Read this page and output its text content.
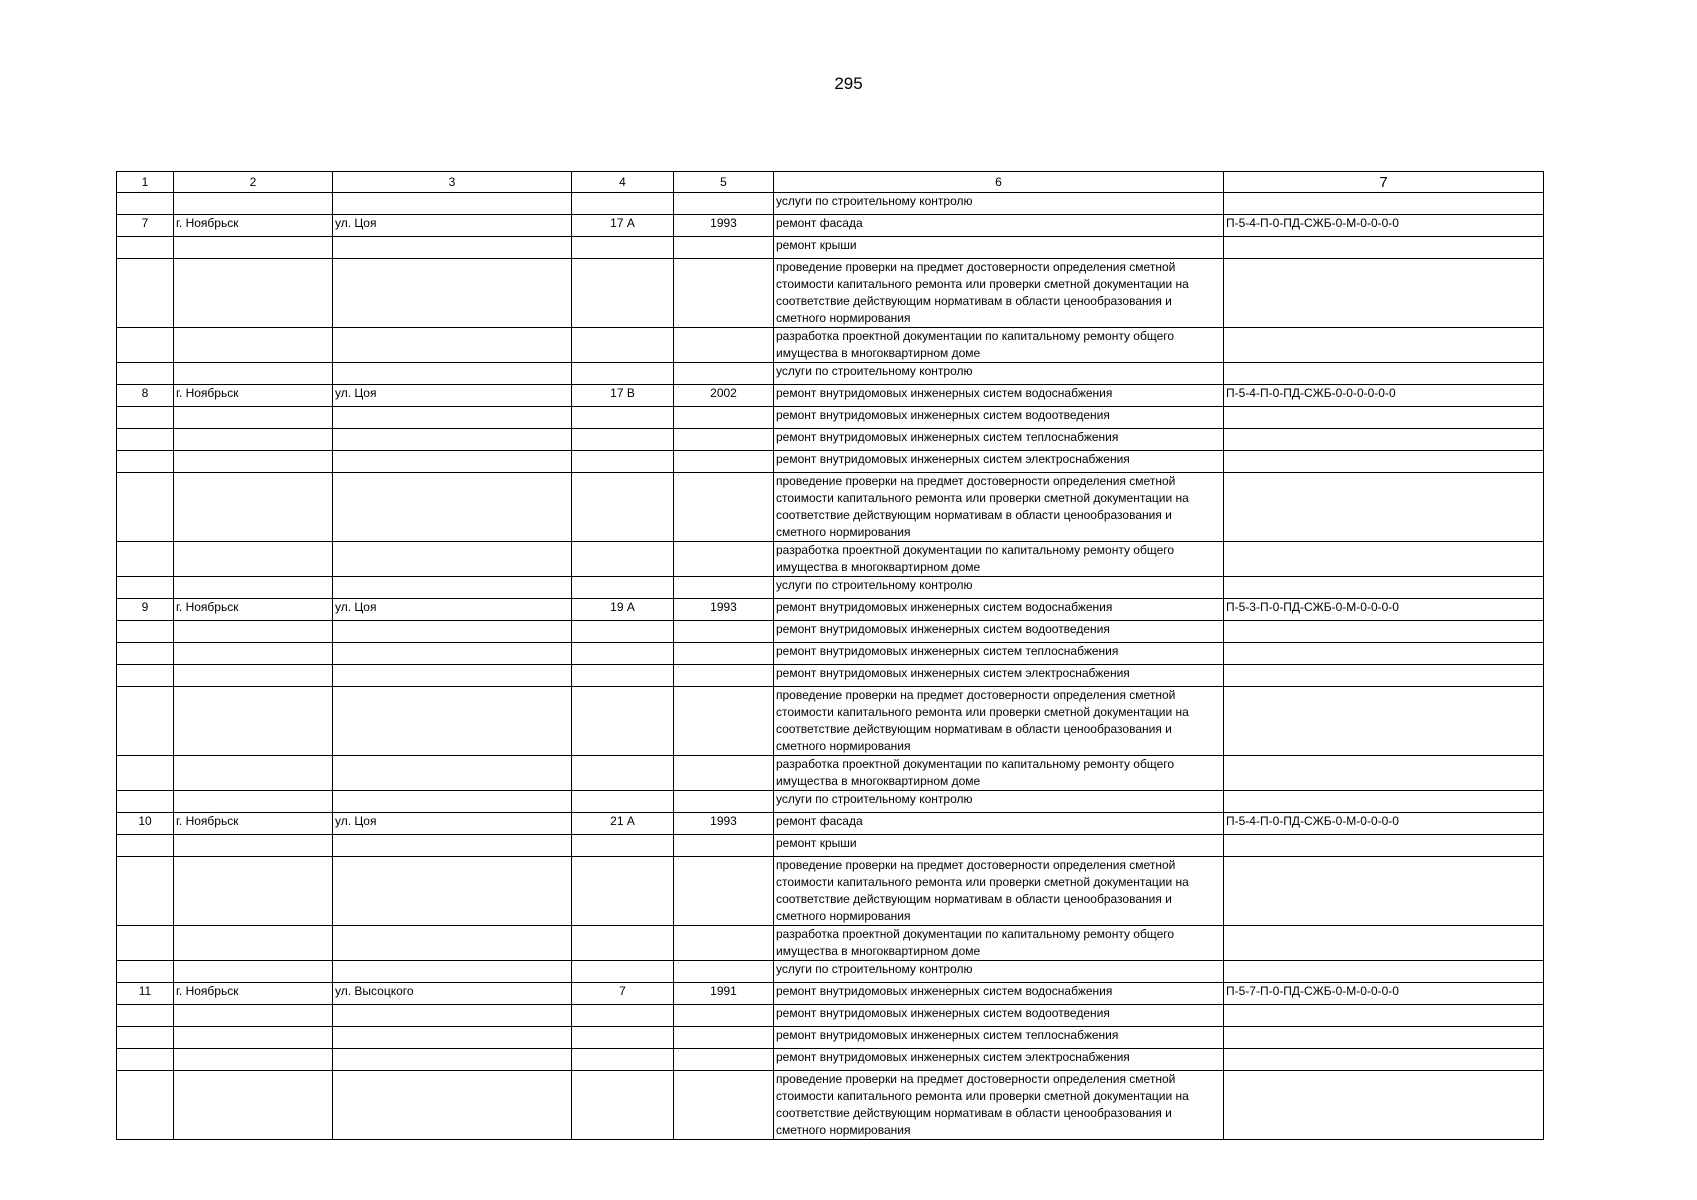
295
1	2	3	4	5	6	7
					услуги по строительному контролю	
7	г. Ноябрьск	ул. Цоя	17 А	1993	ремонт фасада	П-5-4-П-0-ПД-СЖБ-0-М-0-0-0-0
					ремонт крыши	
					проведение проверки на предмет достоверности определения сметной стоимости капитального ремонта или проверки сметной документации на соответствие действующим нормативам в области ценообразования и сметного нормирования	
					разработка проектной документации по капитальному ремонту общего имущества в многоквартирном доме	
					услуги по строительному контролю	
8	г. Ноябрьск	ул. Цоя	17 В	2002	ремонт внутридомовых инженерных систем водоснабжения	П-5-4-П-0-ПД-СЖБ-0-0-0-0-0-0
					ремонт внутридомовых инженерных систем водоотведения	
					ремонт внутридомовых инженерных систем теплоснабжения	
					ремонт внутридомовых инженерных систем электроснабжения	
					проведение проверки на предмет достоверности определения сметной стоимости капитального ремонта или проверки сметной документации на соответствие действующим нормативам в области ценообразования и сметного нормирования	
					разработка проектной документации по капитальному ремонту общего имущества в многоквартирном доме	
					услуги по строительному контролю	
9	г. Ноябрьск	ул. Цоя	19 А	1993	ремонт внутридомовых инженерных систем водоснабжения	П-5-3-П-0-ПД-СЖБ-0-М-0-0-0-0
					ремонт внутридомовых инженерных систем водоотведения	
					ремонт внутридомовых инженерных систем теплоснабжения	
					ремонт внутридомовых инженерных систем электроснабжения	
					проведение проверки на предмет достоверности определения сметной стоимости капитального ремонта или проверки сметной документации на соответствие действующим нормативам в области ценообразования и сметного нормирования	
					разработка проектной документации по капитальному ремонту общего имущества в многоквартирном доме	
					услуги по строительному контролю	
10	г. Ноябрьск	ул. Цоя	21 А	1993	ремонт фасада	П-5-4-П-0-ПД-СЖБ-0-М-0-0-0-0
					ремонт крыши	
					проведение проверки на предмет достоверности определения сметной стоимости капитального ремонта или проверки сметной документации на соответствие действующим нормативам в области ценообразования и сметного нормирования	
					разработка проектной документации по капитальному ремонту общего имущества в многоквартирном доме	
					услуги по строительному контролю	
11	г. Ноябрьск	ул. Высоцкого	7	1991	ремонт внутридомовых инженерных систем водоснабжения	П-5-7-П-0-ПД-СЖБ-0-М-0-0-0-0
					ремонт внутридомовых инженерных систем водоотведения	
					ремонт внутридомовых инженерных систем теплоснабжения	
					ремонт внутридомовых инженерных систем электроснабжения	
					проведение проверки на предмет достоверности определения сметной стоимости капитального ремонта или проверки сметной документации на соответствие действующим нормативам в области ценообразования и сметного нормирования	
